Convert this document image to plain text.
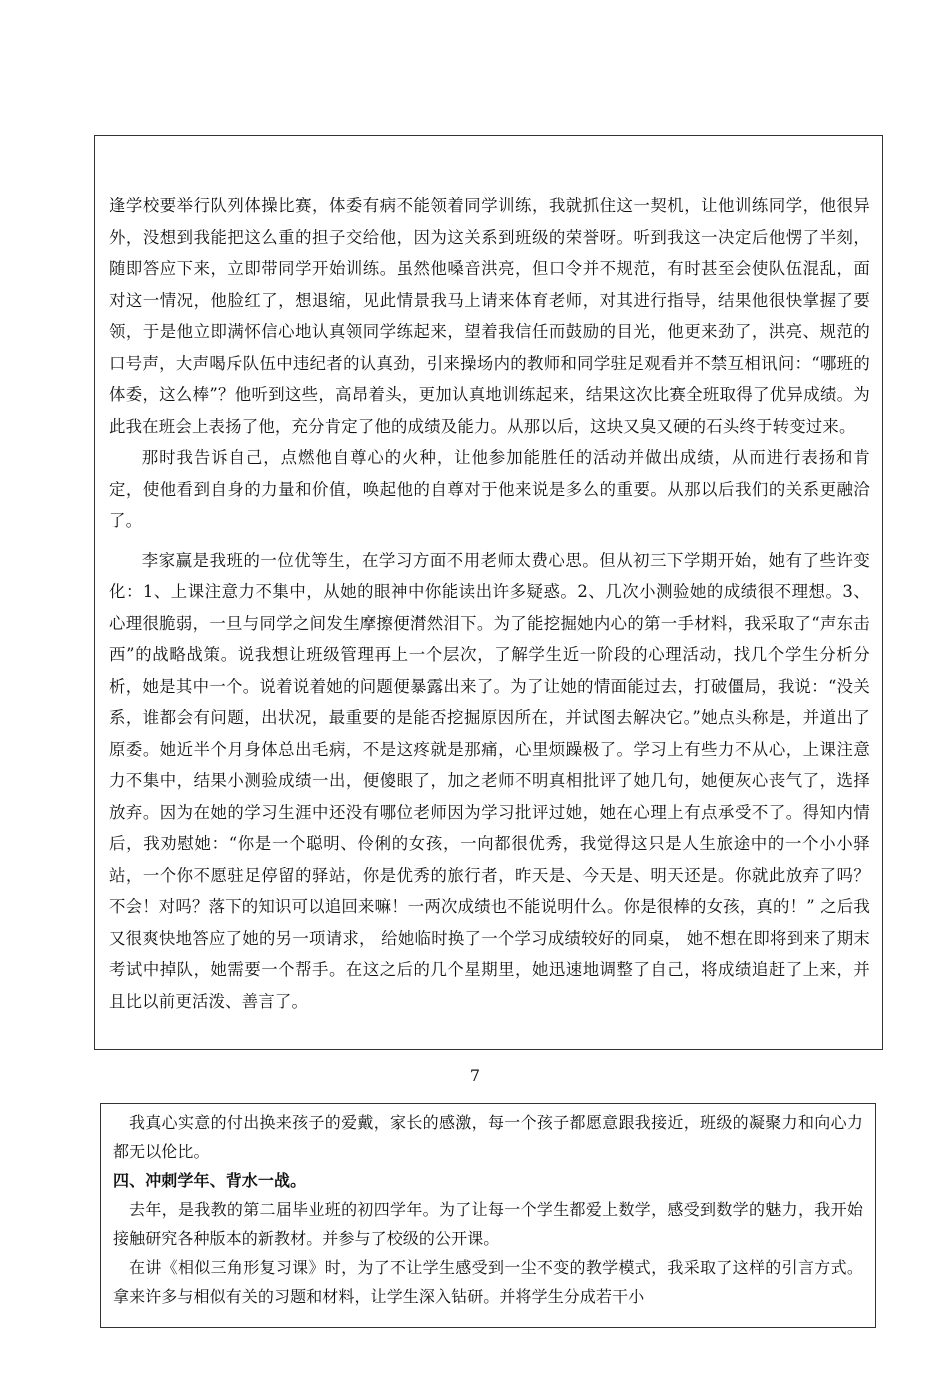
逢学校要举行队列体操比赛，体委有病不能领着同学训练，我就抓住这一契机，让他训练同学，他很异外，没想到我能把这么重的担子交给他，因为这关系到班级的荣誉呀。听到我这一决定后他愣了半刻，随即答应下来，立即带同学开始训练。虽然他嗓音洪亮，但口令并不规范，有时甚至会使队伍混乱，面对这一情况，他脸红了，想退缩，见此情景我马上请来体育老师，对其进行指导，结果他很快掌握了要领，于是他立即满怀信心地认真领同学练起来，望着我信任而鼓励的目光，他更来劲了，洪亮、规范的口号声，大声喝斥队伍中违纪者的认真劲，引来操场内的教师和同学驻足观看并不禁互相讯问：“哪班的体委，这么棒”？他听到这些，高昂着头，更加认真地训练起来，结果这次比赛全班取得了优异成绩。为此我在班会上表扬了他，充分肯定了他的成绩及能力。从那以后，这块又臭又硬的石头终于转变过来。

那时我告诉自己，点燃他自尊心的火种，让他参加能胜任的活动并做出成绩，从而进行表扬和肯定，使他看到自身的力量和价值，唤起他的自尊对于他来说是多么的重要。从那以后我们的关系更融洽了。

李家赢是我班的一位优等生，在学习方面不用老师太费心思。但从初三下学期开始，她有了些许变化：1、上课注意力不集中，从她的眼神中你能读出许多疑惑。2、几次小测验她的成绩很不理想。3、心理很脆弱，一旦与同学之间发生摩擦便潸然泪下。为了能挖掘她内心的第一手材料，我采取了“声东击西”的战略战策。说我想让班级管理再上一个层次，了解学生近一阶段的心理活动，找几个学生分析分析，她是其中一个。说着说着她的问题便暴露出来了。为了让她的情面能过去，打破僵局，我说：“没关系，谁都会有问题，出状况，最重要的是能否挖掘原因所在，并试图去解决它。”她点头称是，并道出了原委。她近半个月身体总出毛病，不是这疼就是那痛，心里烦躁极了。学习上有些力不从心，上课注意力不集中，结果小测验成绩一出，便傻眼了，加之老师不明真相批评了她几句，她便灰心丧气了，选择放弃。因为在她的学习生涯中还没有哪位老师因为学习批评过她，她在心理上有点承受不了。得知内情后，我劝慰她：“你是一个聪明、伶俐的女孩，一向都很优秀，我觉得这只是人生旅途中的一个小小驿站，一个你不愿驻足停留的驿站，你是优秀的旅行者，昨天是、今天是、明天还是。你就此放弃了吗？不会！对吗？落下的知识可以追回来嘛！一两次成绩也不能说明什么。你是很棒的女孩，真的！” 之后我又很爽快地答应了她的另一项请求， 给她临时换了一个学习成绩较好的同桌， 她不想在即将到来了期末考试中掉队，她需要一个帮手。在这之后的几个星期里，她迅速地调整了自己，将成绩追赶了上来，并且比以前更活泼、善言了。

7

我真心实意的付出换来孩子的爱戴，家长的感激，每一个孩子都愿意跟我接近，班级的凝聚力和向心力都无以伦比。

四、冲刺学年、背水一战。

去年，是我教的第二届毕业班的初四学年。为了让每一个学生都爱上数学，感受到数学的魅力，我开始接触研究各种版本的新教材。并参与了校级的公开课。

在讲《相似三角形复习课》时，为了不让学生感受到一尘不变的教学模式，我采取了这样的引言方式。拿来许多与相似有关的习题和材料，让学生深入钻研。并将学生分成若干小
